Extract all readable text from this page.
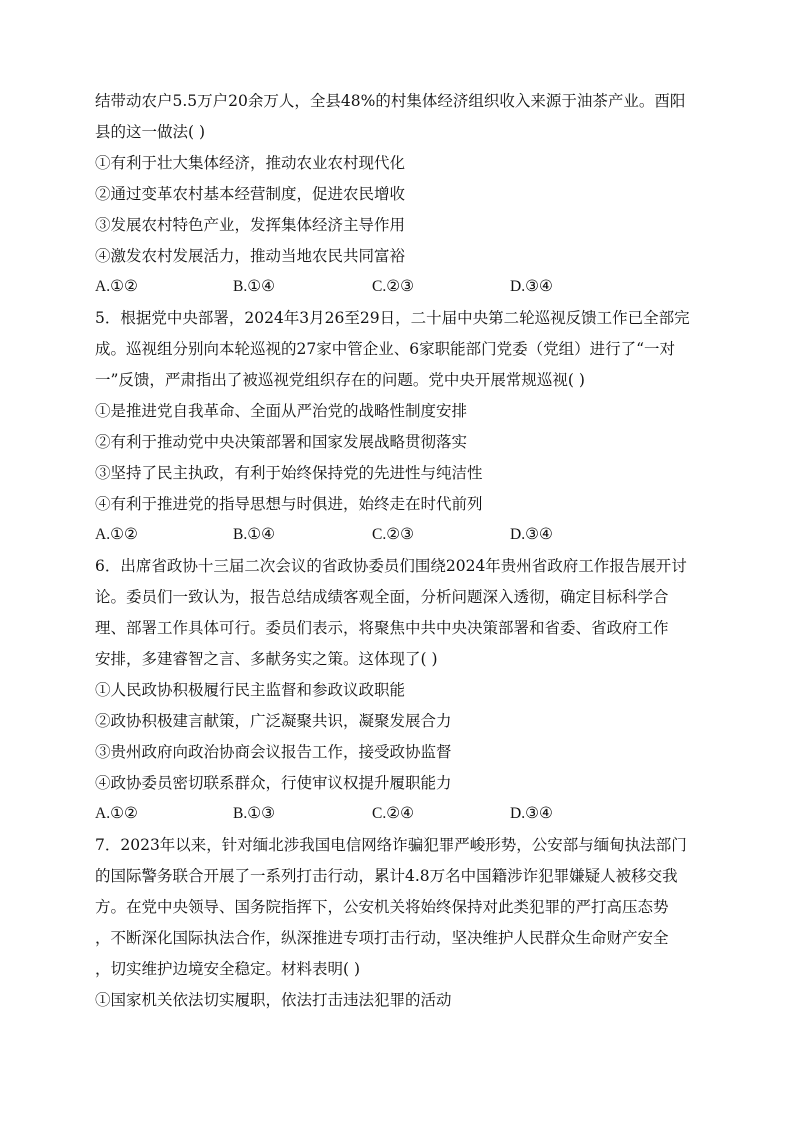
结带动农户5.5万户20余万人，全县48%的村集体经济组织收入来源于油茶产业。酉阳

县的这一做法( )

①有利于壮大集体经济，推动农业农村现代化

②通过变革农村基本经营制度，促进农民增收

③发展农村特色产业，发挥集体经济主导作用

④激发农村发展活力，推动当地农民共同富裕

A.①②	B.①④	C.②③	D.③④

5．根据党中央部署，2024年3月26至29日，二十届中央第二轮巡视反馈工作已全部完

成。巡视组分别向本轮巡视的27家中管企业、6家职能部门党委（党组）进行了“一对

一”反馈，严肃指出了被巡视党组织存在的问题。党中央开展常规巡视( )

①是推进党自我革命、全面从严治党的战略性制度安排

②有利于推动党中央决策部署和国家发展战略贯彻落实

③坚持了民主执政，有利于始终保持党的先进性与纯洁性

④有利于推进党的指导思想与时俱进，始终走在时代前列

A.①②	B.①④	C.②③	D.③④

6．出席省政协十三届二次会议的省政协委员们围绕2024年贵州省政府工作报告展开讨

论。委员们一致认为，报告总结成绩客观全面，分析问题深入透彻，确定目标科学合

理、部署工作具体可行。委员们表示，将聚焦中共中央决策部署和省委、省政府工作

安排，多建睿智之言、多献务实之策。这体现了( )

①人民政协积极履行民主监督和参政议政职能

②政协积极建言献策，广泛凝聚共识，凝聚发展合力

③贵州政府向政治协商会议报告工作，接受政协监督

④政协委员密切联系群众，行使审议权提升履职能力

A.①②	B.①③	C.②④	D.③④

7．2023年以来，针对缅北涉我国电信网络诈骗犯罪严峻形势，公安部与缅甸执法部门

的国际警务联合开展了一系列打击行动，累计4.8万名中国籍涉诈犯罪嫌疑人被移交我

方。在党中央领导、国务院指挥下，公安机关将始终保持对此类犯罪的严打高压态势

，不断深化国际执法合作，纵深推进专项打击行动，坚决维护人民群众生命财产安全

，切实维护边境安全稳定。材料表明( )

①国家机关依法切实履职，依法打击违法犯罪的活动
